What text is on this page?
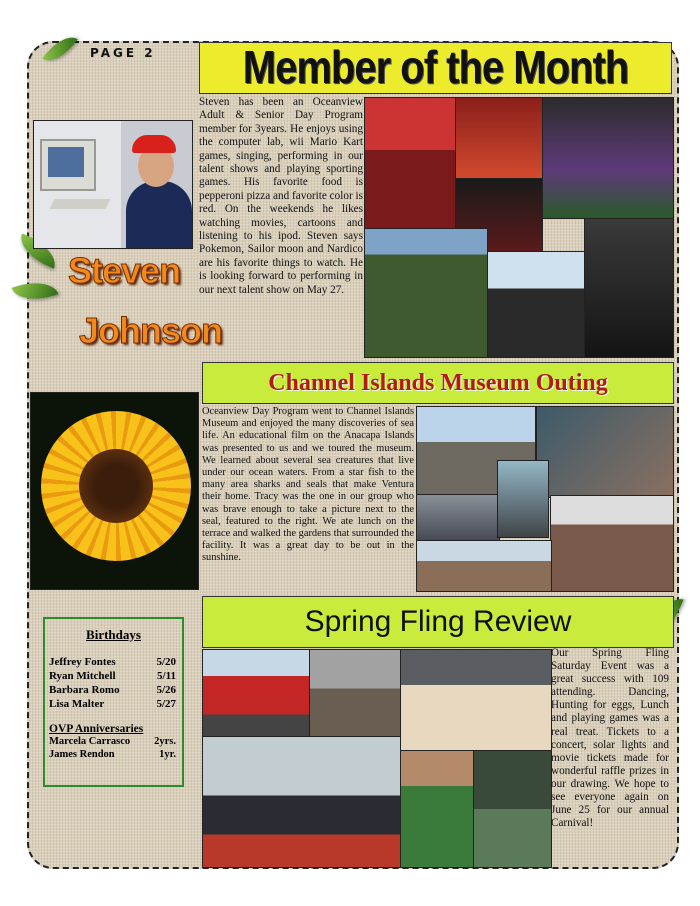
PAGE 2 Member of the Month
Steven
Johnson

Steven has been an Oceanview Adult & Senior Day Program member for 3years. He enjoys using the computer lab, wii Mario Kart games, singing, performing in our talent shows and playing sporting games. His favorite food is pepperoni pizza and favorite color is red. On the weekends he likes watching movies, cartoons and listening to his ipod. Steven says Pokemon, Sailor moon and Nardico are his favorite things to watch. He is looking forward to performing in our next talent show on May 27.

Channel Islands Museum Outing

Oceanview Day Program went to Channel Islands Museum and enjoyed the many discoveries of sea life. An educational film on the Anacapa Islands was presented to us and we toured the museum. We learned about several sea creatures that live under our ocean waters. From a star fish to the many area sharks and seals that make Ventura their home. Tracy was the one in our group who was brave enough to take a picture next to the seal, featured to the right. We ate lunch on the terrace and walked the gardens that surrounded the facility. It was a great day to be out in the sunshine.

Spring Fling Review
Birthdays
Jeffrey Fontes	5/20
Ryan Mitchell	5/11
Barbara Romo	5/26
Lisa Malter	5/27
OVP Anniversaries
Marcela Carrasco 2yrs.
James Rendon	1yr.

Our Spring Fling Saturday Event was a great success with 109 attending. Dancing, Hunting for eggs, Lunch and playing games was a real treat. Tickets to a concert, solar lights and movie tickets made for wonderful raffle prizes in our drawing. We hope to see everyone again on June 25 for our annual Carnival!
